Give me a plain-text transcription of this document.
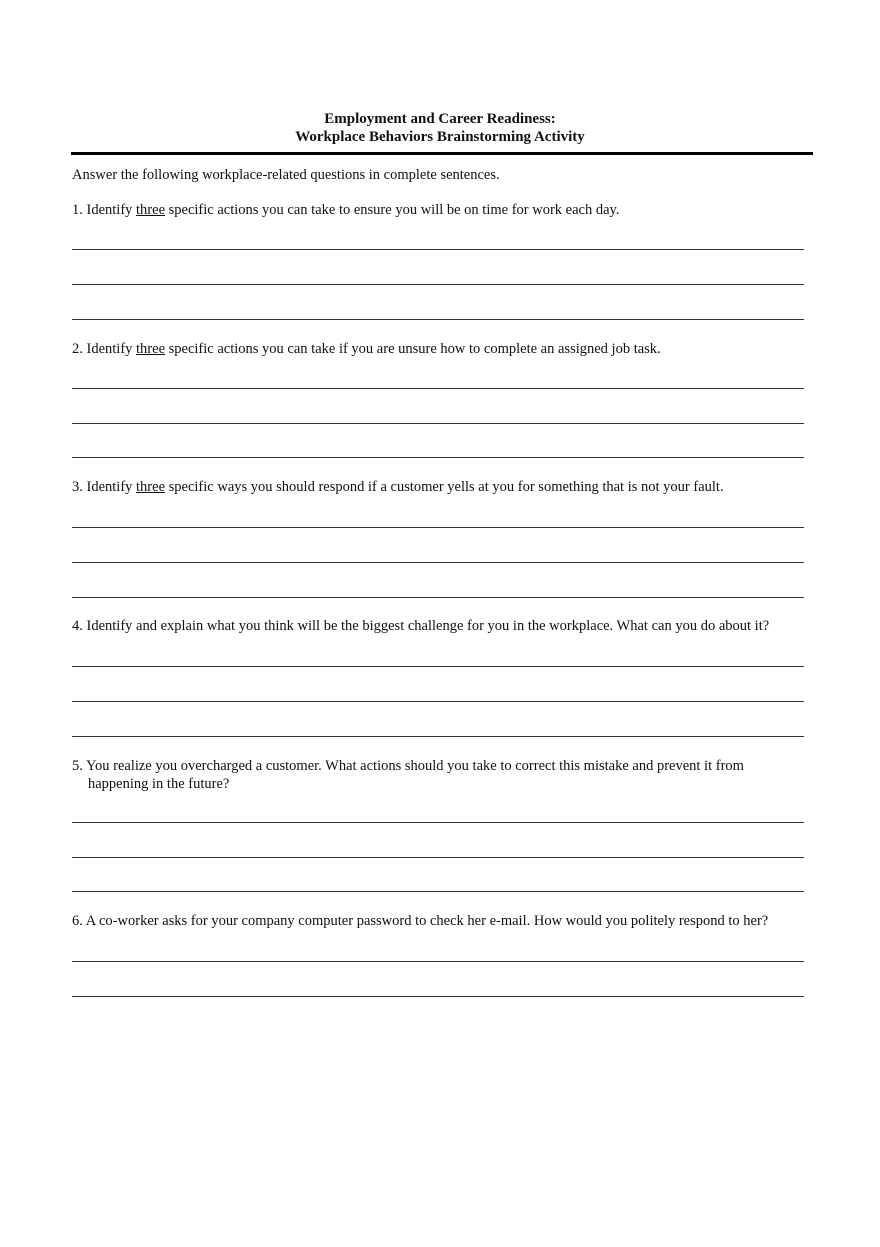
Employment and Career Readiness:
Workplace Behaviors Brainstorming Activity
Answer the following workplace-related questions in complete sentences.
1. Identify three specific actions you can take to ensure you will be on time for work each day.
2. Identify three specific actions you can take if you are unsure how to complete an assigned job task.
3. Identify three specific ways you should respond if a customer yells at you for something that is not your fault.
4. Identify and explain what you think will be the biggest challenge for you in the workplace. What can you do about it?
5. You realize you overcharged a customer. What actions should you take to correct this mistake and prevent it from
happening in the future?
6. A co-worker asks for your company computer password to check her e-mail. How would you politely respond to her?
